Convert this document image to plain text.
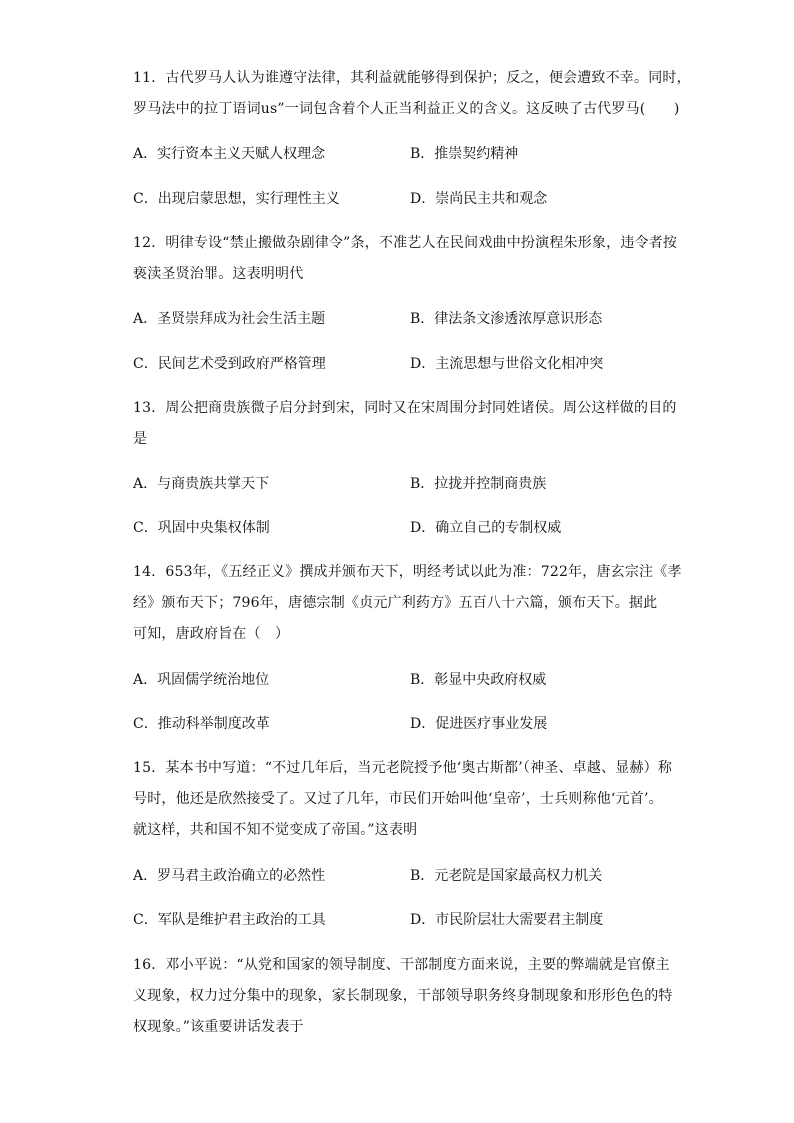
11．古代罗马人认为谁遵守法律，其利益就能够得到保护；反之，便会遭致不幸。同时，
罗马法中的拉丁语词us”一词包含着个人正当利益正义的含义。这反映了古代罗马(　　)
A．实行资本主义天赋人权理念	B．推崇契约精神
C．出现启蒙思想，实行理性主义	D．崇尚民主共和观念
12．明律专设“禁止搬做杂剧律令”条，不准艺人在民间戏曲中扮演程朱形象，违令者按
亵渎圣贤治罪。这表明明代
A．圣贤崇拜成为社会生活主题	B．律法条文渗透浓厚意识形态
C．民间艺术受到政府严格管理	D．主流思想与世俗文化相冲突
13．周公把商贵族微子启分封到宋，同时又在宋周围分封同姓诸侯。周公这样做的目的
是
A．与商贵族共掌天下	B．拉拢并控制商贵族
C．巩固中央集权体制	D．确立自己的专制权威
14．653年，《五经正义》撰成并颁布天下，明经考试以此为准：722年，唐玄宗注《孝
经》颁布天下；796年，唐德宗制《贞元广利药方》五百八十六篇，颁布天下。据此
可知，唐政府旨在（　）
A．巩固儒学统治地位	B．彰显中央政府权威
C．推动科举制度改革	D．促进医疗事业发展
15．某本书中写道：“不过几年后，当元老院授予他‘奥古斯都’（神圣、卓越、显赫）称
号时，他还是欣然接受了。又过了几年，市民们开始叫他‘皇帝’，士兵则称他‘元首’。
就这样，共和国不知不觉变成了帝国。”这表明
A．罗马君主政治确立的必然性	B．元老院是国家最高权力机关
C．军队是维护君主政治的工具	D．市民阶层壮大需要君主制度
16．邓小平说：“从党和国家的领导制度、干部制度方面来说，主要的弊端就是官僚主
义现象，权力过分集中的现象，家长制现象，干部领导职务终身制现象和形形色色的特
权现象。”该重要讲话发表于
